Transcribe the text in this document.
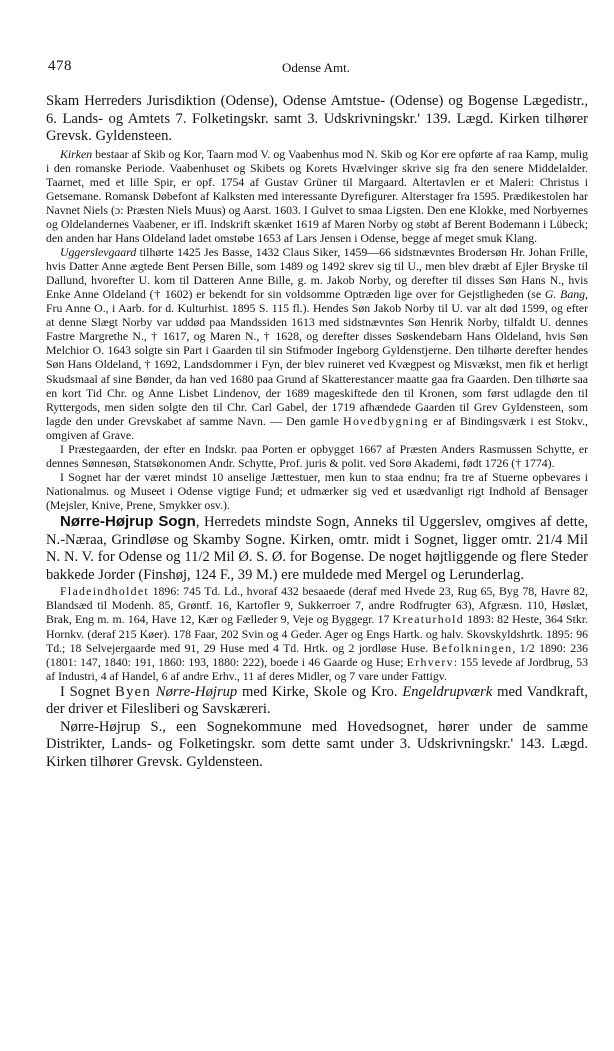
478	Odense Amt.

Skam Herreders Jurisdiktion (Odense), Odense Amtstue- (Odense) og Bogense Lægedistr., 6. Lands- og Amtets 7. Folketingskr. samt 3. Udskrivningskr.' 139. Lægd. Kirken tilhører Grevsk. Gyldensteen.

Kirken bestaar af Skib og Kor, Taarn mod V. og Vaabenhus mod N. Skib og Kor ere opførte af raa Kamp, mulig i den romanske Periode. Vaabenhuset og Skibets og Korets Hvælvinger skrive sig fra den senere Middelalder. Taarnet, med et lille Spir, er opf. 1754 af Gustav Grüner til Margaard. Altertavlen er et Maleri: Christus i Getsemane. Romansk Døbefont af Kalksten med interessante Dyrefigurer. Alterstager fra 1595. Prædikestolen har Navnet Niels (ɔ: Præsten Niels Muus) og Aarst. 1603. I Gulvet to smaa Ligsten. Den ene Klokke, med Norbyernes og Oldelandernes Vaabener, er ifl. Indskrift skænket 1619 af Maren Norby og støbt af Berent Bodemann i Lübeck; den anden har Hans Oldeland ladet omstøbe 1653 af Lars Jensen i Odense, begge af meget smuk Klang.

Uggerslevgaard tilhørte 1425 Jes Basse, 1432 Claus Siker, 1459—66 sidstnævntes Brodersøn Hr. Johan Frille, hvis Datter Anne ægtede Bent Persen Bille, som 1489 og 1492 skrev sig til U., men blev dræbt af Ejler Bryske til Dallund, hvorefter U. kom til Datteren Anne Bille, g. m. Jakob Norby, og derefter til disses Søn Hans N., hvis Enke Anne Oldeland († 1602) er bekendt for sin voldsomme Optræden lige over for Gejstligheden (se G. Bang, Fru Anne O., i Aarb. for d. Kulturhist. 1895 S. 115 fl.). Hendes Søn Jakob Norby til U. var alt død 1599, og efter at denne Slægt Norby var uddød paa Mandssiden 1613 med sidstnævntes Søn Henrik Norby, tilfaldt U. dennes Fastre Margrethe N., † 1617, og Maren N., † 1628, og derefter disses Søskendebarn Hans Oldeland, hvis Søn Melchior O. 1643 solgte sin Part i Gaarden til sin Stifmoder Ingeborg Gyldenstjerne. Den tilhørte derefter hendes Søn Hans Oldeland, † 1692, Landsdommer i Fyn, der blev ruineret ved Kvægpest og Misvækst, men fik et herligt Skudsmaal af sine Bønder, da han ved 1680 paa Grund af Skatterestancer maatte gaa fra Gaarden. Den tilhørte saa en kort Tid Chr. og Anne Lisbet Lindenov, der 1689 mageskiftede den til Kronen, som først udlagde den til Ryttergods, men siden solgte den til Chr. Carl Gabel, der 1719 afhændede Gaarden til Grev Gyldensteen, som lagde den under Grevskabet af samme Navn. — Den gamle Hovedbygning er af Bindingsværk i est Stokv., omgiven af Grave.

I Præstegaarden, der efter en Indskr. paa Porten er opbygget 1667 af Præsten Anders Rasmussen Schytte, er dennes Sønnesøn, Statsøkonomen Andr. Schytte, Prof. juris & polit. ved Sorø Akademi, født 1726 († 1774).

I Sognet har der været mindst 10 anselige Jættestuer, men kun to staa endnu; fra tre af Stuerne opbevares i Nationalmus. og Museet i Odense vigtige Fund; et udmærker sig ved et usædvanligt rigt Indhold af Bensager (Mejsler, Knive, Prene, Smykker osv.).

Nørre-Højrup Sogn, Herredets mindste Sogn, Anneks til Uggerslev, omgives af dette, N.-Næraa, Grindløse og Skamby Sogne. Kirken, omtr. midt i Sognet, ligger omtr. 21/4 Mil N. N. V. for Odense og 11/2 Mil Ø. S. Ø. for Bogense. De noget højtliggende og flere Steder bakkede Jorder (Finshøj, 124 F., 39 M.) ere muldede med Mergel og Lerunderlag.

Fladeindholdet 1896: 745 Td. Ld., hvoraf 432 besaaede (deraf med Hvede 23, Rug 65, Byg 78, Havre 82, Blandsæd til Modenh. 85, Grøntf. 16, Kartofler 9, Sukkerroer 7, andre Rodfrugter 63), Afgræsn. 110, Høslæt, Brak, Eng m. m. 164, Have 12, Kær og Fælleder 9, Veje og Byggegr. 17 Kreaturhold 1893: 82 Heste, 364 Stkr. Hornkv. (deraf 215 Køer). 178 Faar, 202 Svin og 4 Geder. Ager og Engs Hartk. og halv. Skovskyldshrtk. 1895: 96 Td.; 18 Selvejergaarde med 91, 29 Huse med 4 Td. Hrtk. og 2 jordløse Huse. Befolkningen, 1/2 1890: 236 (1801: 147, 1840: 191, 1860: 193, 1880: 222), boede i 46 Gaarde og Huse; Erhverv: 155 levede af Jordbrug, 53 af Industri, 4 af Handel, 6 af andre Erhv., 11 af deres Midler, og 7 vare under Fattigv.

I Sognet Byen Nørre-Højrup med Kirke, Skole og Kro. Engeldrupværk med Vandkraft, der driver et Filesliberi og Savskæreri.

Nørre-Højrup S., een Sognekommune med Hovedsognet, hører under de samme Distrikter, Lands- og Folketingskr. som dette samt under 3. Udskrivningskr.' 143. Lægd. Kirken tilhører Grevsk. Gyldensteen.
